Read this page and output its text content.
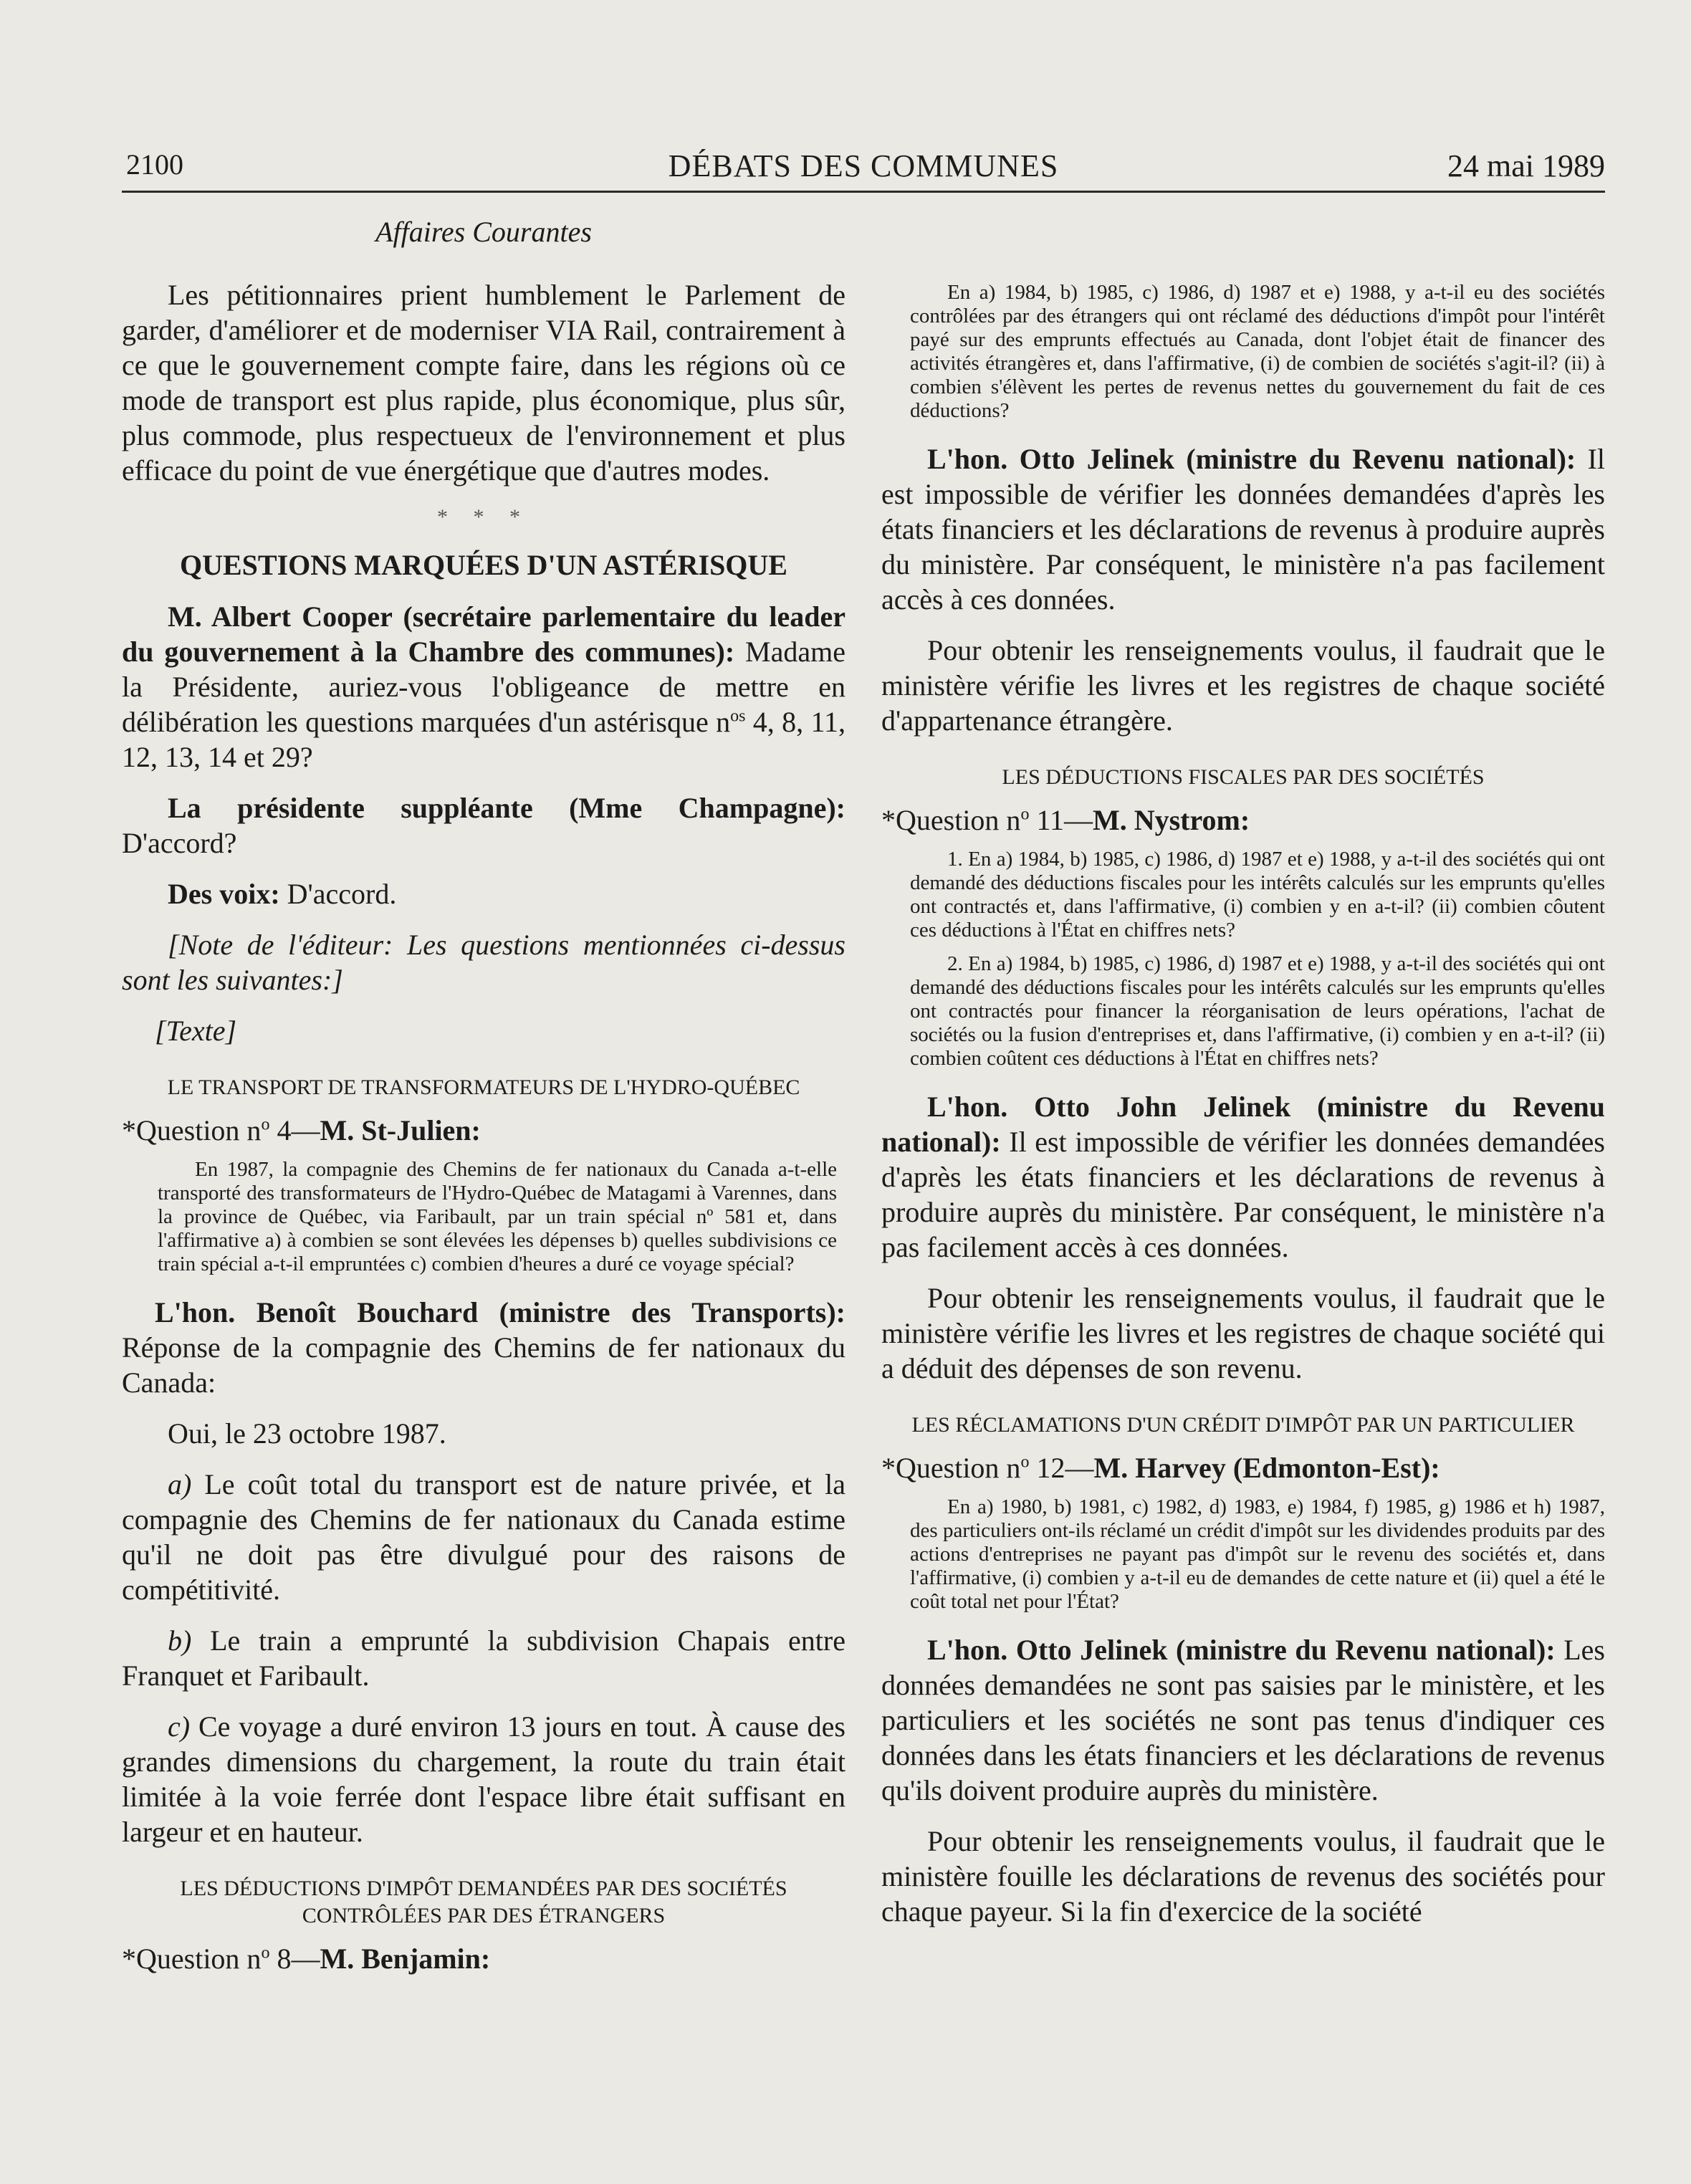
2100	DÉBATS DES COMMUNES	24 mai 1989
Affaires Courantes

Les pétitionnaires prient humblement le Parlement de garder, d'améliorer et de moderniser VIA Rail, contrairement à ce que le gouvernement compte faire, dans les régions où ce mode de transport est plus rapide, plus économique, plus sûr, plus commode, plus respectueux de l'environnement et plus efficace du point de vue énergétique que d'autres modes.

* * *
QUESTIONS MARQUÉES D'UN ASTÉRISQUE

M. Albert Cooper (secrétaire parlementaire du leader du gouvernement à la Chambre des communes): Madame la Présidente, auriez-vous l'obligeance de mettre en délibération les questions marquées d'un astérisque $n^{os}$ 4, 8, 11, 12, 13, 14 et 29?

La présidente suppléante (Mme Champagne): D'accord?

Des voix: D'accord.

[Note de l'éditeur: Les questions mentionnées ci-dessus sont les suivantes:]

[Texte]

LE TRANSPORT DE TRANSFORMATEURS DE L'HYDRO-QUÉBEC

*Question $n^o$ 4—M. St-Julien:

En 1987, la compagnie des Chemins de fer nationaux du Canada a-t-elle transporté des transformateurs de l'Hydro-Québec de Matagami à Varennes, dans la province de Québec, via Faribault, par un train spécial nº 581 et, dans l'affirmative a) à combien se sont élevées les dépenses b) quelles subdivisions ce train spécial a-t-il empruntées c) combien d'heures a duré ce voyage spécial?

L'hon. Benoît Bouchard (ministre des Transports): Réponse de la compagnie des Chemins de fer nationaux du Canada:

Oui, le 23 octobre 1987.

a) Le coût total du transport est de nature privée, et la compagnie des Chemins de fer nationaux du Canada estime qu'il ne doit pas être divulgué pour des raisons de compétitivité.

b) Le train a emprunté la subdivision Chapais entre Franquet et Faribault.

c) Ce voyage a duré environ 13 jours en tout. À cause des grandes dimensions du chargement, la route du train était limitée à la voie ferrée dont l'espace libre était suffisant en largeur et en hauteur.

LES DÉDUCTIONS D'IMPÔT DEMANDÉES PAR DES SOCIÉTÉS CONTRÔLÉES PAR DES ÉTRANGERS

*Question $n^o$ 8—M. Benjamin:

En a) 1984, b) 1985, c) 1986, d) 1987 et e) 1988, y a-t-il eu des sociétés contrôlées par des étrangers qui ont réclamé des déductions d'impôt pour l'intérêt payé sur des emprunts effectués au Canada, dont l'objet était de financer des activités étrangères et, dans l'affirmative, (i) de combien de sociétés s'agit-il? (ii) à combien s'élèvent les pertes de revenus nettes du gouvernement du fait de ces déductions?

L'hon. Otto Jelinek (ministre du Revenu national): Il est impossible de vérifier les données demandées d'après les états financiers et les déclarations de revenus à produire auprès du ministère. Par conséquent, le ministère n'a pas facilement accès à ces données.

Pour obtenir les renseignements voulus, il faudrait que le ministère vérifie les livres et les registres de chaque société d'appartenance étrangère.

LES DÉDUCTIONS FISCALES PAR DES SOCIÉTÉS

*Question $n^o$ 11—M. Nystrom:

1. En a) 1984, b) 1985, c) 1986, d) 1987 et e) 1988, y a-t-il des sociétés qui ont demandé des déductions fiscales pour les intérêts calculés sur les emprunts qu'elles ont contractés et, dans l'affirmative, (i) combien y en a-t-il? (ii) combien côutent ces déductions à l'État en chiffres nets?

2. En a) 1984, b) 1985, c) 1986, d) 1987 et e) 1988, y a-t-il des sociétés qui ont demandé des déductions fiscales pour les intérêts calculés sur les emprunts qu'elles ont contractés pour financer la réorganisation de leurs opérations, l'achat de sociétés ou la fusion d'entreprises et, dans l'affirmative, (i) combien y en a-t-il? (ii) combien coûtent ces déductions à l'État en chiffres nets?

L'hon. Otto John Jelinek (ministre du Revenu national): Il est impossible de vérifier les données demandées d'après les états financiers et les déclarations de revenus à produire auprès du ministère. Par conséquent, le ministère n'a pas facilement accès à ces données.

Pour obtenir les renseignements voulus, il faudrait que le ministère vérifie les livres et les registres de chaque société qui a déduit des dépenses de son revenu.

LES RÉCLAMATIONS D'UN CRÉDIT D'IMPÔT PAR UN PARTICULIER

*Question $n^o$ 12—M. Harvey (Edmonton-Est):

En a) 1980, b) 1981, c) 1982, d) 1983, e) 1984, f) 1985, g) 1986 et h) 1987, des particuliers ont-ils réclamé un crédit d'impôt sur les dividendes produits par des actions d'entreprises ne payant pas d'impôt sur le revenu des sociétés et, dans l'affirmative, (i) combien y a-t-il eu de demandes de cette nature et (ii) quel a été le coût total net pour l'État?

L'hon. Otto Jelinek (ministre du Revenu national): Les données demandées ne sont pas saisies par le ministère, et les particuliers et les sociétés ne sont pas tenus d'indiquer ces données dans les états financiers et les déclarations de revenus qu'ils doivent produire auprès du ministère.

Pour obtenir les renseignements voulus, il faudrait que le ministère fouille les déclarations de revenus des sociétés pour chaque payeur. Si la fin d'exercice de la société
